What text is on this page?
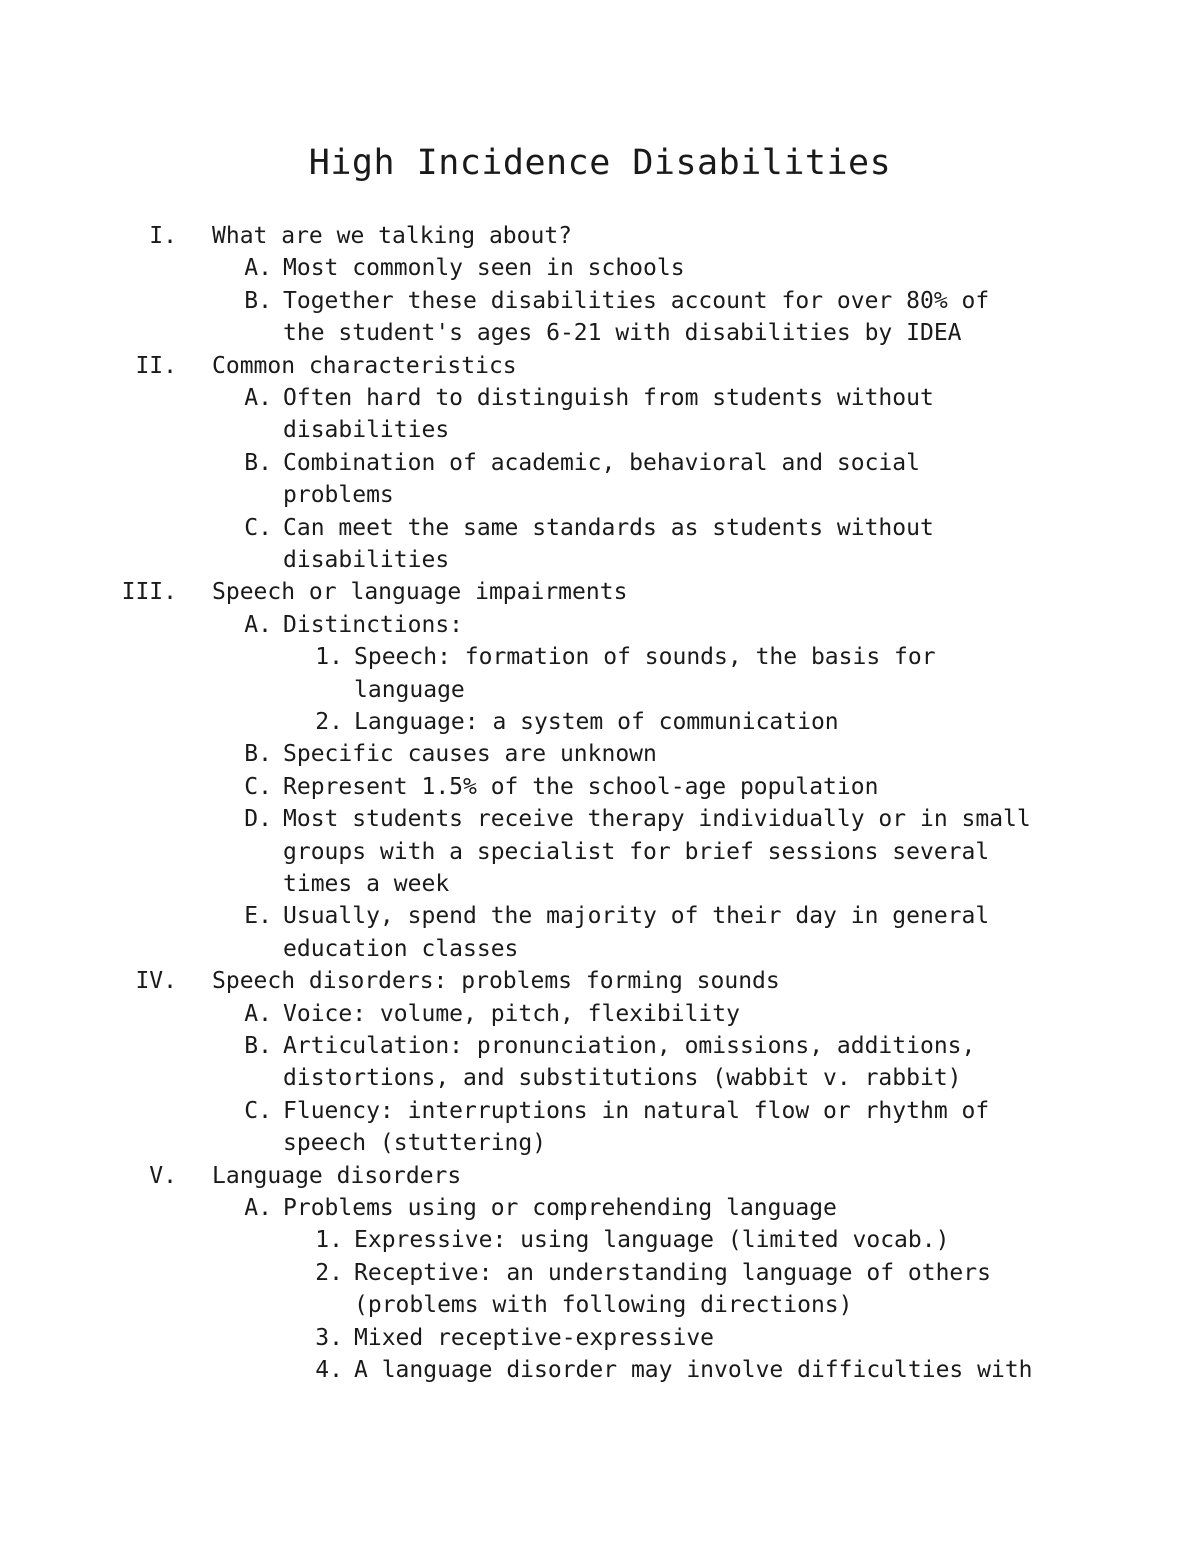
High Incidence Disabilities
I. What are we talking about?
A. Most commonly seen in schools
B. Together these disabilities account for over 80% of
the student's ages 6-21 with disabilities by IDEA
II. Common characteristics
A. Often hard to distinguish from students without
disabilities
B. Combination of academic, behavioral and social
problems
C. Can meet the same standards as students without
disabilities
III. Speech or language impairments
A. Distinctions:
1. Speech: formation of sounds, the basis for
language
2. Language: a system of communication
B. Specific causes are unknown
C. Represent 1.5% of the school-age population
D. Most students receive therapy individually or in small
groups with a specialist for brief sessions several
times a week
E. Usually, spend the majority of their day in general
education classes
IV. Speech disorders: problems forming sounds
A. Voice: volume, pitch, flexibility
B. Articulation: pronunciation, omissions, additions,
distortions, and substitutions (wabbit v. rabbit)
C. Fluency: interruptions in natural flow or rhythm of
speech (stuttering)
V. Language disorders
A. Problems using or comprehending language
1. Expressive: using language (limited vocab.)
2. Receptive: an understanding language of others
(problems with following directions)
3. Mixed receptive-expressive
4. A language disorder may involve difficulties with
